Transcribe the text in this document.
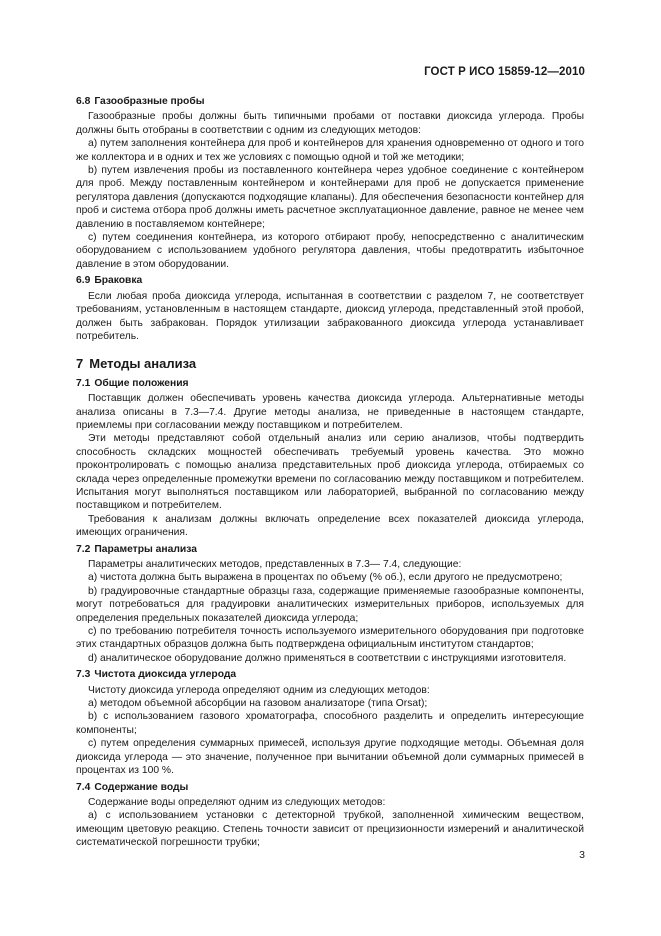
ГОСТ Р ИСО 15859-12—2010
6.8 Газообразные пробы

Газообразные пробы должны быть типичными пробами от поставки диоксида углерода. Пробы должны быть отобраны в соответствии с одним из следующих методов:

а) путем заполнения контейнера для проб и контейнеров для хранения одновременно от одного и того же коллектора и в одних и тех же условиях с помощью одной и той же методики;

b) путем извлечения пробы из поставленного контейнера через удобное соединение с контейнером для проб. Между поставленным контейнером и контейнерами для проб не допускается применение регулятора давления (допускаются подходящие клапаны). Для обеспечения безопасности контейнер для проб и система отбора проб должны иметь расчетное эксплуатационное давление, равное не менее чем давлению в поставляемом контейнере;

c) путем соединения контейнера, из которого отбирают пробу, непосредственно с аналитическим оборудованием с использованием удобного регулятора давления, чтобы предотвратить избыточное давление в этом оборудовании.

6.9 Браковка

Если любая проба диоксида углерода, испытанная в соответствии с разделом 7, не соответствует требованиям, установленным в настоящем стандарте, диоксид углерода, представленный этой пробой, должен быть забракован. Порядок утилизации забракованного диоксида углерода устанавливает потребитель.

7 Методы анализа
7.1 Общие положения

Поставщик должен обеспечивать уровень качества диоксида углерода. Альтернативные методы анализа описаны в 7.3—7.4. Другие методы анализа, не приведенные в настоящем стандарте, приемлемы при согласовании между поставщиком и потребителем.

Эти методы представляют собой отдельный анализ или серию анализов, чтобы подтвердить способность складских мощностей обеспечивать требуемый уровень качества. Это можно проконтролировать с помощью анализа представительных проб диоксида углерода, отбираемых со склада через определенные промежутки времени по согласованию между поставщиком и потребителем. Испытания могут выполняться поставщиком или лабораторией, выбранной по согласованию между поставщиком и потребителем.

Требования к анализам должны включать определение всех показателей диоксида углерода, имеющих ограничения.

7.2 Параметры анализа

Параметры аналитических методов, представленных в 7.3— 7.4, следующие:

а) чистота должна быть выражена в процентах по объему (% об.), если другого не предусмотрено;

b) градуировочные стандартные образцы газа, содержащие применяемые газообразные компоненты, могут потребоваться для градуировки аналитических измерительных приборов, используемых для определения предельных показателей диоксида углерода;

c) по требованию потребителя точность используемого измерительного оборудования при подготовке этих стандартных образцов должна быть подтверждена официальным институтом стандартов;

d) аналитическое оборудование должно применяться в соответствии с инструкциями изготовителя.

7.3 Чистота диоксида углерода

Чистоту диоксида углерода определяют одним из следующих методов:

а) методом объемной абсорбции на газовом анализаторе (типа Orsat);

b) с использованием газового хроматографа, способного разделить и определить интересующие компоненты;

c) путем определения суммарных примесей, используя другие подходящие методы. Объемная доля диоксида углерода — это значение, полученное при вычитании объемной доли суммарных примесей в процентах из 100 %.

7.4 Содержание воды

Содержание воды определяют одним из следующих методов:

а) с использованием установки с детекторной трубкой, заполненной химическим веществом, имеющим цветовую реакцию. Степень точности зависит от прецизионности измерений и аналитической систематической погрешности трубки;

3
